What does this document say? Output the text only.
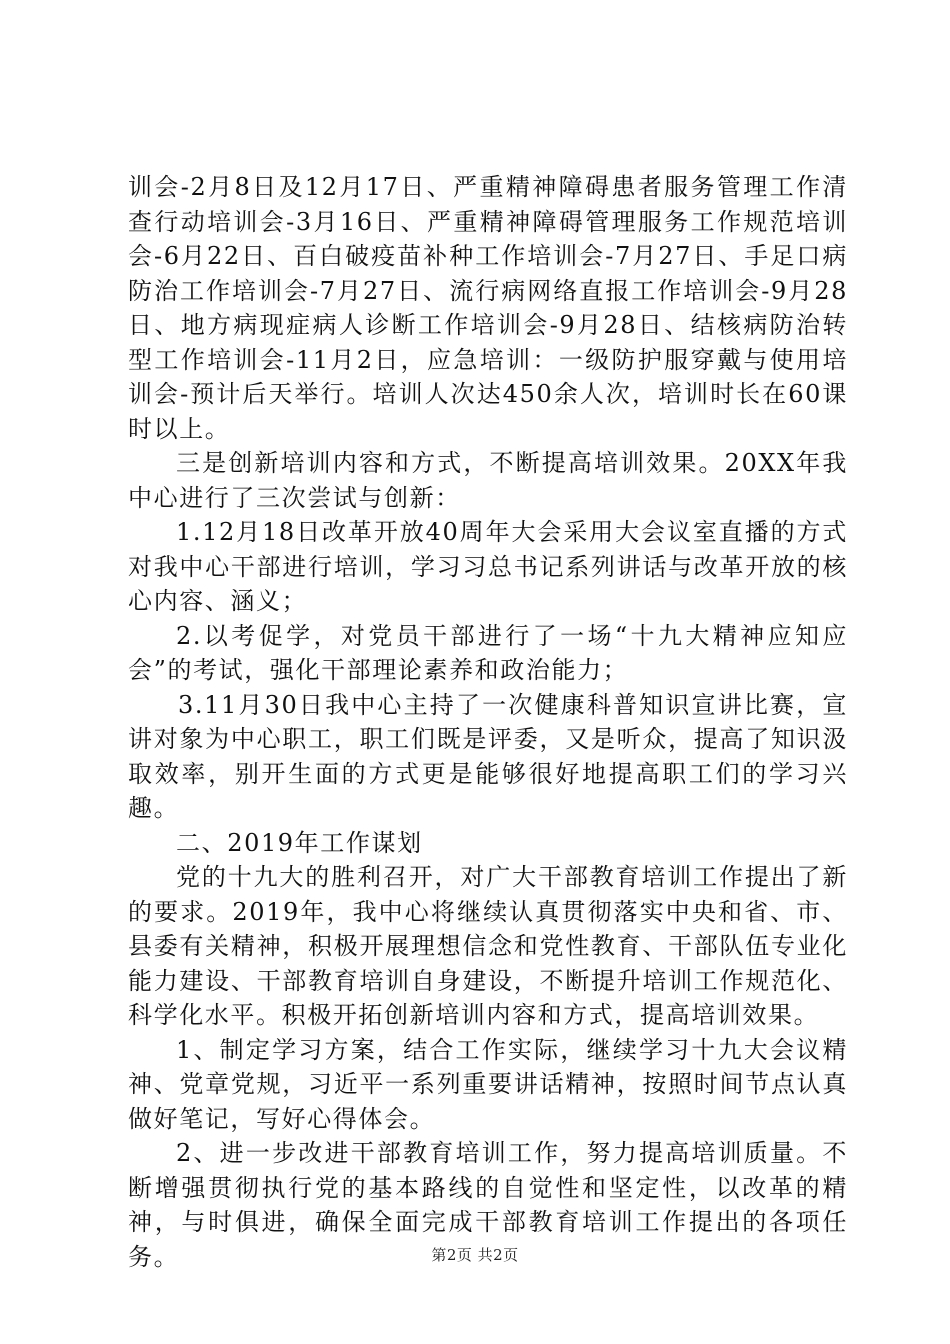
训会-2月8日及12月17日、严重精神障碍患者服务管理工作清查行动培训会-3月16日、严重精神障碍管理服务工作规范培训会-6月22日、百白破疫苗补种工作培训会-7月27日、手足口病防治工作培训会-7月27日、流行病网络直报工作培训会-9月28日、地方病现症病人诊断工作培训会-9月28日、结核病防治转型工作培训会-11月2日，应急培训：一级防护服穿戴与使用培训会-预计后天举行。培训人次达450余人次，培训时长在60课时以上。

三是创新培训内容和方式，不断提高培训效果。20XX年我中心进行了三次尝试与创新：

1.12月18日改革开放40周年大会采用大会议室直播的方式对我中心干部进行培训，学习习总书记系列讲话与改革开放的核心内容、涵义；

2.以考促学，对党员干部进行了一场“十九大精神应知应会”的考试，强化干部理论素养和政治能力；

3.11月30日我中心主持了一次健康科普知识宣讲比赛，宣讲对象为中心职工，职工们既是评委，又是听众，提高了知识汲取效率，别开生面的方式更是能够很好地提高职工们的学习兴趣。

二、2019年工作谋划

党的十九大的胜利召开，对广大干部教育培训工作提出了新的要求。2019年，我中心将继续认真贯彻落实中央和省、市、县委有关精神，积极开展理想信念和党性教育、干部队伍专业化能力建设、干部教育培训自身建设，不断提升培训工作规范化、科学化水平。积极开拓创新培训内容和方式，提高培训效果。

1、制定学习方案，结合工作实际，继续学习十九大会议精神、党章党规，习近平一系列重要讲话精神，按照时间节点认真做好笔记，写好心得体会。

2、进一步改进干部教育培训工作，努力提高培训质量。不断增强贯彻执行党的基本路线的自觉性和坚定性，以改革的精神，与时俱进，确保全面完成干部教育培训工作提出的各项任务。	第2页 共2页
